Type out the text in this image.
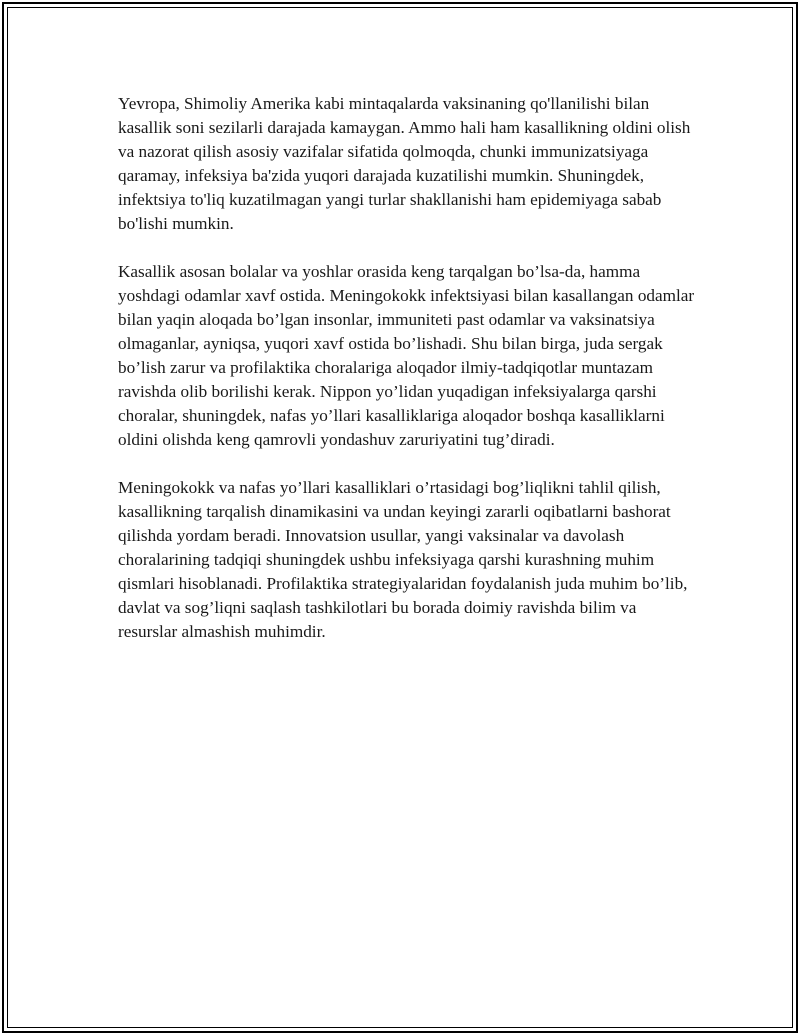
Yevropa, Shimoliy Amerika kabi mintaqalarda vaksinaning qo'llanilishi bilan kasallik soni sezilarli darajada kamaygan. Ammo hali ham kasallikning oldini olish va nazorat qilish asosiy vazifalar sifatida qolmoqda, chunki immunizatsiyaga qaramay, infeksiya ba'zida yuqori darajada kuzatilishi mumkin. Shuningdek, infektsiya to'liq kuzatilmagan yangi turlar shakllanishi ham epidemiyaga sabab bo'lishi mumkin.

Kasallik asosan bolalar va yoshlar orasida keng tarqalgan bo’lsa-da, hamma yoshdagi odamlar xavf ostida. Meningokokk infektsiyasi bilan kasallangan odamlar bilan yaqin aloqada bo’lgan insonlar, immuniteti past odamlar va vaksinatsiya olmaganlar, ayniqsa, yuqori xavf ostida bo’lishadi. Shu bilan birga, juda sergak bo’lish zarur va profilaktika choralariga aloqador ilmiy-tadqiqotlar muntazam ravishda olib borilishi kerak. Nippon yo’lidan yuqadigan infeksiyalarga qarshi choralar, shuningdek, nafas yo’llari kasalliklariga aloqador boshqa kasalliklarni oldini olishda keng qamrovli yondashuv zaruriyatini tug’diradi.

Meningokokk va nafas yo’llari kasalliklari o’rtasidagi bog’liqlikni tahlil qilish, kasallikning tarqalish dinamikasini va undan keyingi zararli oqibatlarni bashorat qilishda yordam beradi. Innovatsion usullar, yangi vaksinalar va davolash choralarining tadqiqi shuningdek ushbu infeksiyaga qarshi kurashning muhim qismlari hisoblanadi. Profilaktika strategiyalaridan foydalanish juda muhim bo’lib, davlat va sog’liqni saqlash tashkilotlari bu borada doimiy ravishda bilim va resurslar almashish muhimdir.
